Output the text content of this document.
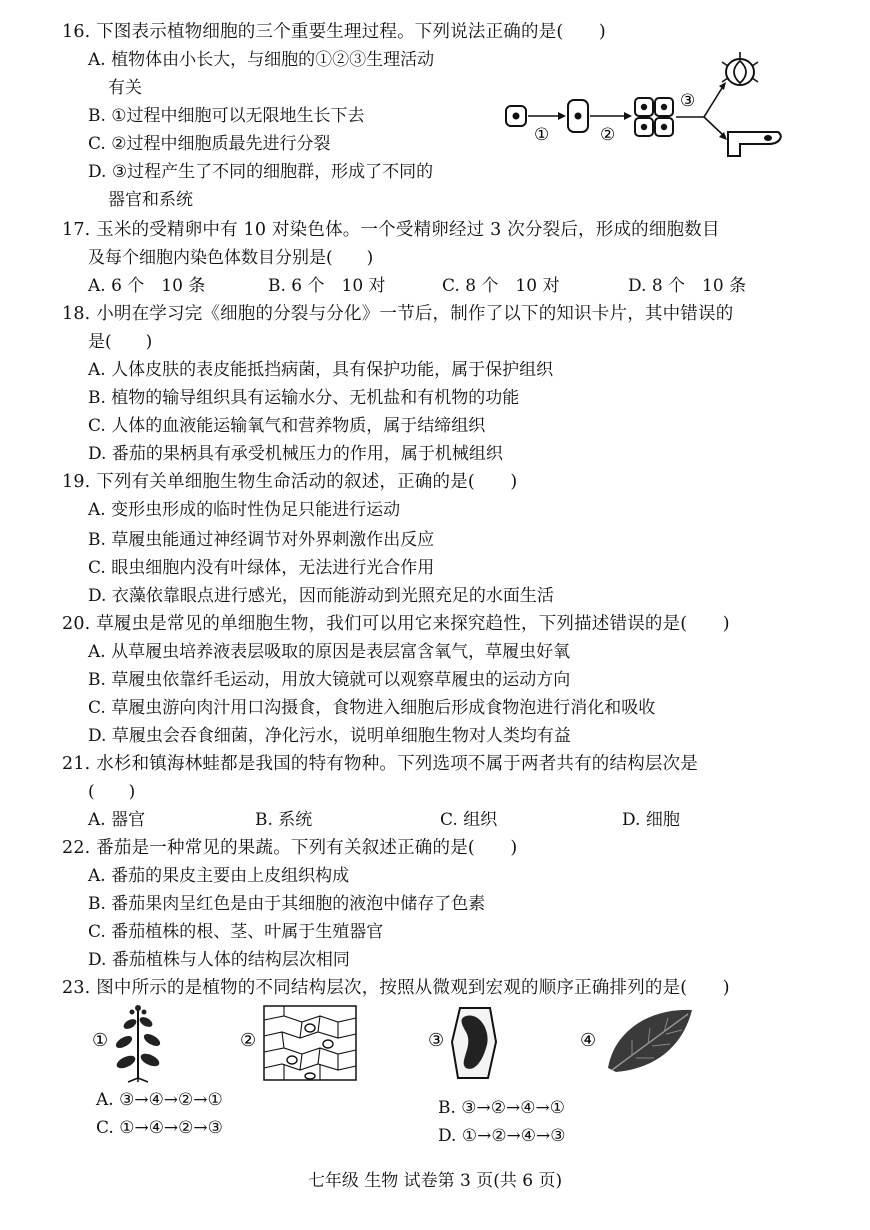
16. 下图表示植物细胞的三个重要生理过程。下列说法正确的是(　　)
A. 植物体由小长大，与细胞的①②③生理活动
有关
B. ①过程中细胞可以无限地生长下去
C. ②过程中细胞质最先进行分裂
D. ③过程产生了不同的细胞群，形成了不同的
器官和系统
①	②
③
17. 玉米的受精卵中有 10 对染色体。一个受精卵经过 3 次分裂后，形成的细胞数目
及每个细胞内染色体数目分别是(　　)
A. 6 个　10 条	B. 6 个　10 对	C. 8 个　10 对	D. 8 个　10 条
18. 小明在学习完《细胞的分裂与分化》一节后，制作了以下的知识卡片，其中错误的
是(　　)
A. 人体皮肤的表皮能抵挡病菌，具有保护功能，属于保护组织
B. 植物的输导组织具有运输水分、无机盐和有机物的功能
C. 人体的血液能运输氧气和营养物质，属于结缔组织
D. 番茄的果柄具有承受机械压力的作用，属于机械组织
19. 下列有关单细胞生物生命活动的叙述，正确的是(　　)
A. 变形虫形成的临时性伪足只能进行运动
B. 草履虫能通过神经调节对外界刺激作出反应
C. 眼虫细胞内没有叶绿体，无法进行光合作用
D. 衣藻依靠眼点进行感光，因而能游动到光照充足的水面生活
20. 草履虫是常见的单细胞生物，我们可以用它来探究趋性，下列描述错误的是(　　)
A. 从草履虫培养液表层吸取的原因是表层富含氧气，草履虫好氧
B. 草履虫依靠纤毛运动，用放大镜就可以观察草履虫的运动方向
C. 草履虫游向肉汁用口沟摄食，食物进入细胞后形成食物泡进行消化和吸收
D. 草履虫会吞食细菌，净化污水，说明单细胞生物对人类均有益
21. 水杉和镇海林蛙都是我国的特有物种。下列选项不属于两者共有的结构层次是
(　　)
A. 器官	B. 系统	C. 组织	D. 细胞
22. 番茄是一种常见的果蔬。下列有关叙述正确的是(　　)
A. 番茄的果皮主要由上皮组织构成
B. 番茄果肉呈红色是由于其细胞的液泡中储存了色素
C. 番茄植株的根、茎、叶属于生殖器官
D. 番茄植株与人体的结构层次相同
23. 图中所示的是植物的不同结构层次，按照从微观到宏观的顺序正确排列的是(　　)
①	②	③	④
A. ③→④→②→①	B. ③→②→④→①
C. ①→④→②→③	D. ①→②→④→③
七年级 生物 试卷第 3 页(共 6 页)
